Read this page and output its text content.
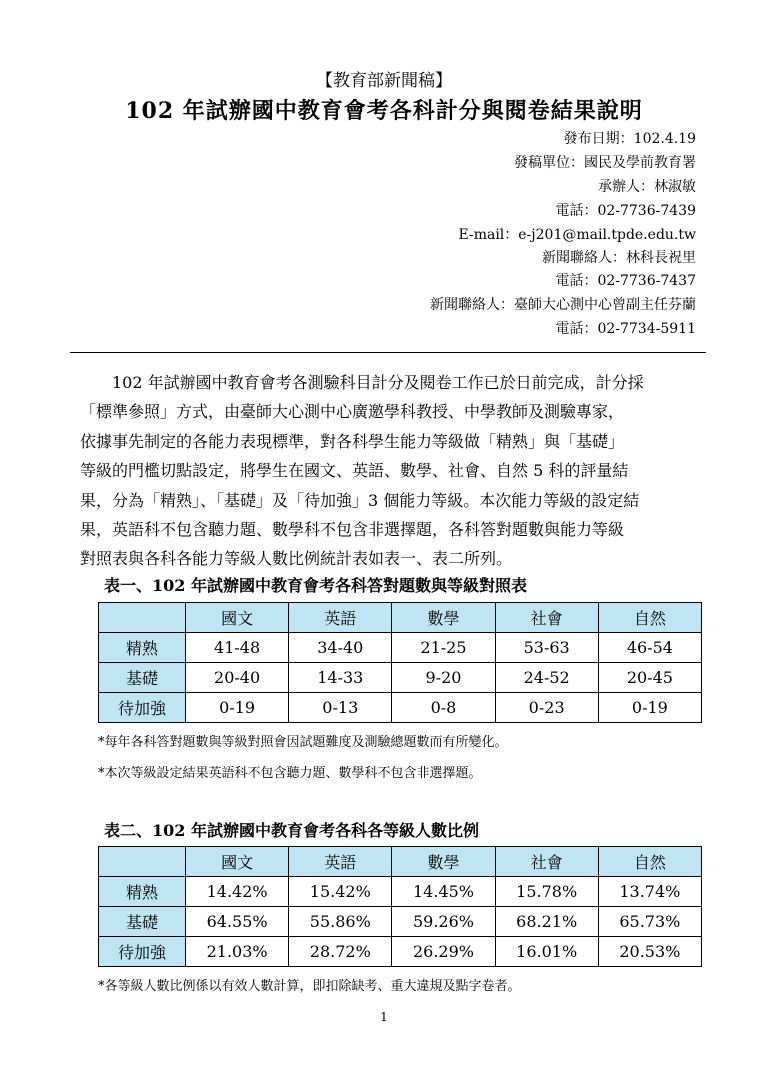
【教育部新聞稿】
102 年試辦國中教育會考各科計分與閱卷結果說明
發布日期：102.4.19
發稿單位：國民及學前教育署
承辦人：林淑敏
電話：02-7736-7439
E-mail：e-j201@mail.tpde.edu.tw
新聞聯絡人：林科長祝里
電話：02-7736-7437
新聞聯絡人：臺師大心測中心曾副主任芬蘭
電話：02-7734-5911

102 年試辦國中教育會考各測驗科目計分及閱卷工作已於日前完成，計分採

「標準參照」方式，由臺師大心測中心廣邀學科教授、中學教師及測驗專家，

依據事先制定的各能力表現標準，對各科學生能力等級做「精熟」與「基礎」

等級的門檻切點設定，將學生在國文、英語、數學、社會、自然 5 科的評量結

果，分為「精熟」、「基礎」及「待加強」3 個能力等級。本次能力等級的設定結

果，英語科不包含聽力題、數學科不包含非選擇題，各科答對題數與能力等級

對照表與各科各能力等級人數比例統計表如表一、表二所列。

表一、102 年試辦國中教育會考各科答對題數與等級對照表
	國文	英語	數學	社會	自然
精熟	41-48	34-40	21-25	53-63	46-54
基礎	20-40	14-33	9-20	24-52	20-45
待加強	0-19	0-13	0-8	0-23	0-19
*每年各科答對題數與等級對照會因試題難度及測驗總題數而有所變化。
*本次等級設定結果英語科不包含聽力題、數學科不包含非選擇題。
表二、102 年試辦國中教育會考各科各等級人數比例
	國文	英語	數學	社會	自然
精熟	14.42%	15.42%	14.45%	15.78%	13.74%
基礎	64.55%	55.86%	59.26%	68.21%	65.73%
待加強	21.03%	28.72%	26.29%	16.01%	20.53%
*各等級人數比例係以有效人數計算，即扣除缺考、重大違規及點字卷者。
1
